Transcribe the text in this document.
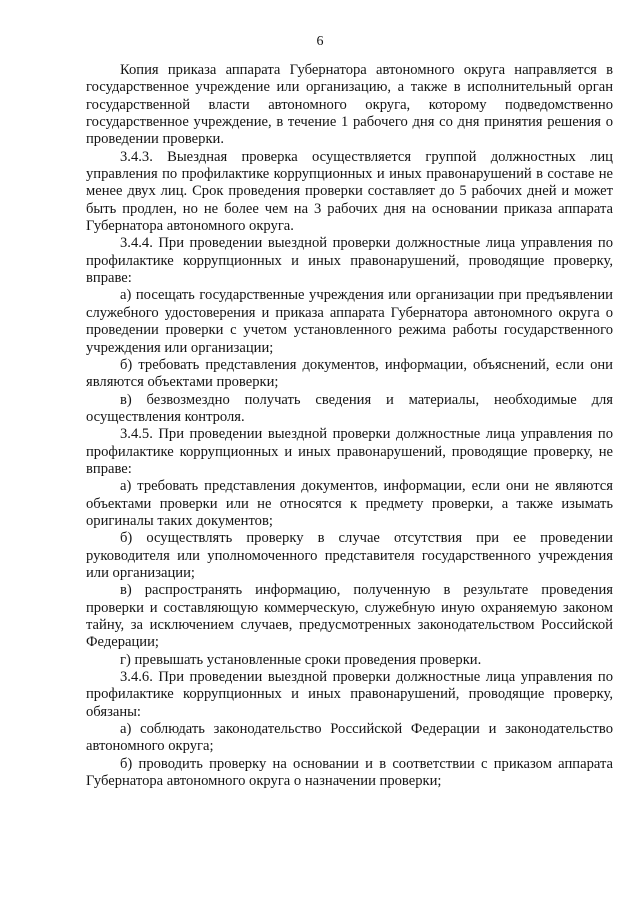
6

Копия приказа аппарата Губернатора автономного округа направляется в государственное учреждение или организацию, а также в исполнительный орган государственной власти автономного округа, которому подведомственно государственное учреждение, в течение 1 рабочего дня со дня принятия решения о проведении проверки.

3.4.3. Выездная проверка осуществляется группой должностных лиц управления по профилактике коррупционных и иных правонарушений в составе не менее двух лиц. Срок проведения проверки составляет до 5 рабочих дней и может быть продлен, но не более чем на 3 рабочих дня на основании приказа аппарата Губернатора автономного округа.

3.4.4. При проведении выездной проверки должностные лица управления по профилактике коррупционных и иных правонарушений, проводящие проверку, вправе:

а) посещать государственные учреждения или организации при предъявлении служебного удостоверения и приказа аппарата Губернатора автономного округа о проведении проверки с учетом установленного режима работы государственного учреждения или организации;

б) требовать представления документов, информации, объяснений, если они являются объектами проверки;

в) безвозмездно получать сведения и материалы, необходимые для осуществления контроля.

3.4.5. При проведении выездной проверки должностные лица управления по профилактике коррупционных и иных правонарушений, проводящие проверку, не вправе:

а) требовать представления документов, информации, если они не являются объектами проверки или не относятся к предмету проверки, а также изымать оригиналы таких документов;

б) осуществлять проверку в случае отсутствия при ее проведении руководителя или уполномоченного представителя государственного учреждения или организации;

в) распространять информацию, полученную в результате проведения проверки и составляющую коммерческую, служебную иную охраняемую законом тайну, за исключением случаев, предусмотренных законодательством Российской Федерации;

г) превышать установленные сроки проведения проверки.

3.4.6. При проведении выездной проверки должностные лица управления по профилактике коррупционных и иных правонарушений, проводящие проверку, обязаны:

а) соблюдать законодательство Российской Федерации и законодательство автономного округа;

б) проводить проверку на основании и в соответствии с приказом аппарата Губернатора автономного округа о назначении проверки;
